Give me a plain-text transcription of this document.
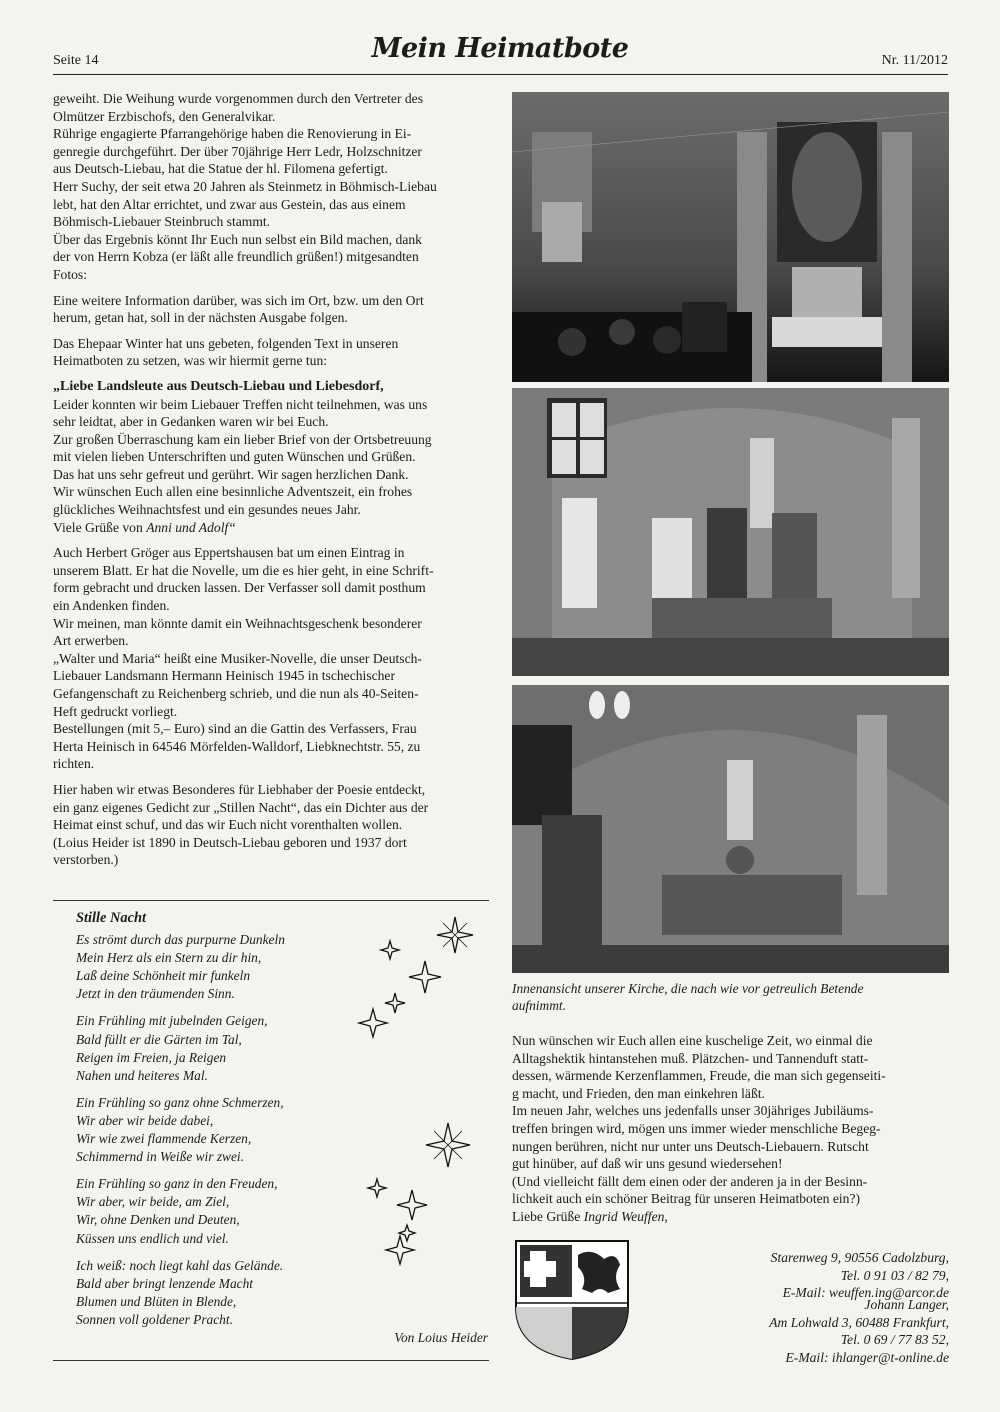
Seite 14	Mein Heimatbote	Nr. 11/2012

geweiht. Die Weihung wurde vorgenommen durch den Vertreter des
Olmützer Erzbischofs, den Generalvikar.
Rührige engagierte Pfarrangehörige haben die Renovierung in Ei-
genregie durchgeführt. Der über 70jährige Herr Ledr, Holzschnitzer
aus Deutsch-Liebau, hat die Statue der hl. Filomena gefertigt.
Herr Suchy, der seit etwa 20 Jahren als Steinmetz in Böhmisch-Liebau
lebt, hat den Altar errichtet, und zwar aus Gestein, das aus einem
Böhmisch-Liebauer Steinbruch stammt.
Über das Ergebnis könnt Ihr Euch nun selbst ein Bild machen, dank
der von Herrn Kobza (er läßt alle freundlich grüßen!) mitgesandten
Fotos:

Eine weitere Information darüber, was sich im Ort, bzw. um den Ort
herum, getan hat, soll in der nächsten Ausgabe folgen.

Das Ehepaar Winter hat uns gebeten, folgenden Text in unseren
Heimatboten zu setzen, was wir hiermit gerne tun:

„Liebe Landsleute aus Deutsch-Liebau und Liebesdorf,
Leider konnten wir beim Liebauer Treffen nicht teilnehmen, was uns
sehr leidtat, aber in Gedanken waren wir bei Euch.
Zur großen Überraschung kam ein lieber Brief von der Ortsbetreuung
mit vielen lieben Unterschriften und guten Wünschen und Grüßen.
Das hat uns sehr gefreut und gerührt. Wir sagen herzlichen Dank.
Wir wünschen Euch allen eine besinnliche Adventszeit, ein frohes
glückliches Weihnachtsfest und ein gesundes neues Jahr.
Viele Grüße von Anni und Adolf“

Auch Herbert Gröger aus Eppertshausen bat um einen Eintrag in
unserem Blatt. Er hat die Novelle, um die es hier geht, in eine Schrift-
form gebracht und drucken lassen. Der Verfasser soll damit posthum
ein Andenken finden.
Wir meinen, man könnte damit ein Weihnachtsgeschenk besonderer
Art erwerben.
„Walter und Maria“ heißt eine Musiker-Novelle, die unser Deutsch-
Liebauer Landsmann Hermann Heinisch 1945 in tschechischer
Gefangenschaft zu Reichenberg schrieb, und die nun als 40-Seiten-
Heft gedruckt vorliegt.
Bestellungen (mit 5,– Euro) sind an die Gattin des Verfassers, Frau
Herta Heinisch in 64546 Mörfelden-Walldorf, Liebknechtstr. 55, zu
richten.

Hier haben wir etwas Besonderes für Liebhaber der Poesie entdeckt,
ein ganz eigenes Gedicht zur „Stillen Nacht“, das ein Dichter aus der
Heimat einst schuf, und das wir Euch nicht vorenthalten wollen.
(Loius Heider ist 1890 in Deutsch-Liebau geboren und 1937 dort
verstorben.)

Stille Nacht
Es strömt durch das purpurne Dunkeln
Mein Herz als ein Stern zu dir hin,
Laß deine Schönheit mir funkeln
Jetzt in den träumenden Sinn.
Ein Frühling mit jubelnden Geigen,
Bald füllt er die Gärten im Tal,
Reigen im Freien, ja Reigen
Nahen und heiteres Mal.
Ein Frühling so ganz ohne Schmerzen,
Wir aber wir beide dabei,
Wir wie zwei flammende Kerzen,
Schimmernd in Weiße wir zwei.
Ein Frühling so ganz in den Freuden,
Wir aber, wir beide, am Ziel,
Wir, ohne Denken und Deuten,
Küssen uns endlich und viel.
Ich weiß: noch liegt kahl das Gelände.
Bald aber bringt lenzende Macht
Blumen und Blüten in Blende,
Sonnen voll goldener Pracht.
Von Loius Heider
Innenansicht unserer Kirche, die nach wie vor getreulich Betende
aufnimmt.
Nun wünschen wir Euch allen eine kuschelige Zeit, wo einmal die
Alltagshektik hintanstehen muß. Plätzchen- und Tannenduft statt-
dessen, wärmende Kerzenflammen, Freude, die man sich gegenseiti-
g macht, und Frieden, den man einkehren läßt.
Im neuen Jahr, welches uns jedenfalls unser 30jähriges Jubiläums-
treffen bringen wird, mögen uns immer wieder menschliche Begeg-
nungen berühren, nicht nur unter uns Deutsch-Liebauern. Rutscht
gut hinüber, auf daß wir uns gesund wiedersehen!
(Und vielleicht fällt dem einen oder der anderen ja in der Besinn-
lichkeit auch ein schöner Beitrag für unseren Heimatboten ein?)
Liebe Grüße Ingrid Weuffen,
Starenweg 9, 90556 Cadolzburg,
Tel. 0 91 03 / 82 79,
E-Mail: weuffen.ing@arcor.de
Johann Langer,
Am Lohwald 3, 60488 Frankfurt,
Tel. 0 69 / 77 83 52,
E-Mail: ihlanger@t-online.de
